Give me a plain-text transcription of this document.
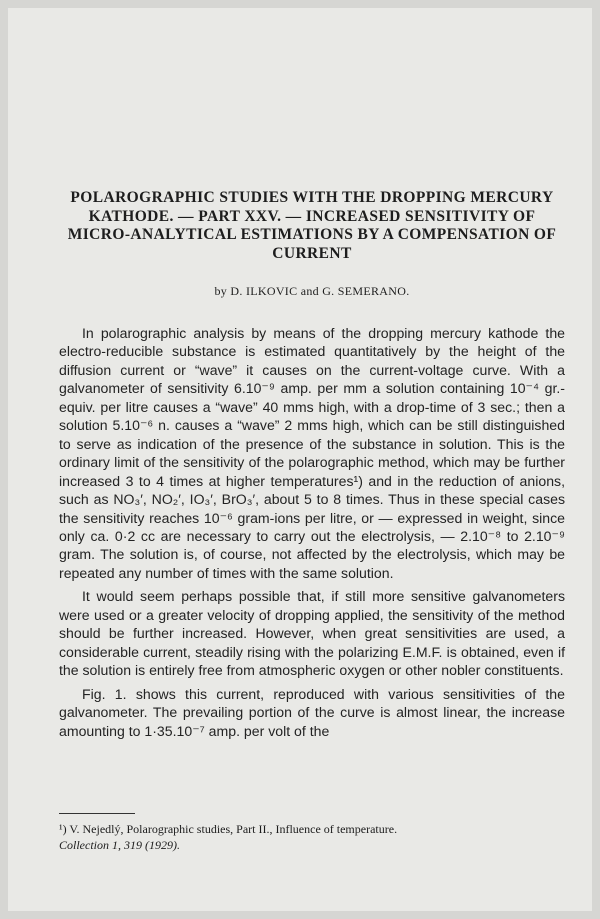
POLAROGRAPHIC STUDIES WITH THE DROPPING MERCURY KATHODE. — PART XXV. — INCREASED SENSITIVITY OF MICRO-ANALYTICAL ESTIMATIONS BY A COMPENSATION OF CURRENT
by D. ILKOVIC and G. SEMERANO.

In polarographic analysis by means of the dropping mercury kathode the electro-reducible substance is estimated quantitatively by the height of the diffusion current or “wave” it causes on the current-voltage curve. With a galvanometer of sensitivity 6.10⁻⁹ amp. per mm a solution containing 10⁻⁴ gr.-equiv. per litre causes a “wave” 40 mms high, with a drop-time of 3 sec.; then a solution 5.10⁻⁶ n. causes a “wave” 2 mms high, which can be still distinguished to serve as indication of the presence of the substance in solution. This is the ordinary limit of the sensitivity of the polarographic method, which may be further increased 3 to 4 times at higher temperatures¹) and in the reduction of anions, such as NO₃′, NO₂′, IO₃′, BrO₃′, about 5 to 8 times. Thus in these special cases the sensitivity reaches 10⁻⁶ gram-ions per litre, or — expressed in weight, since only ca. 0·2 cc are necessary to carry out the electrolysis, — 2.10⁻⁸ to 2.10⁻⁹ gram. The solution is, of course, not affected by the electrolysis, which may be repeated any number of times with the same solution.

It would seem perhaps possible that, if still more sensitive galvanometers were used or a greater velocity of dropping applied, the sensitivity of the method should be further increased. However, when great sensitivities are used, a considerable current, steadily rising with the polarizing E.M.F. is obtained, even if the solution is entirely free from atmospheric oxygen or other nobler constituents.

Fig. 1. shows this current, reproduced with various sensitivities of the galvanometer. The prevailing portion of the curve is almost linear, the increase amounting to 1·35.10⁻⁷ amp. per volt of the

¹) V. Nejedlý, Polarographic studies, Part II., Influence of temperature.
Collection 1, 319 (1929).
